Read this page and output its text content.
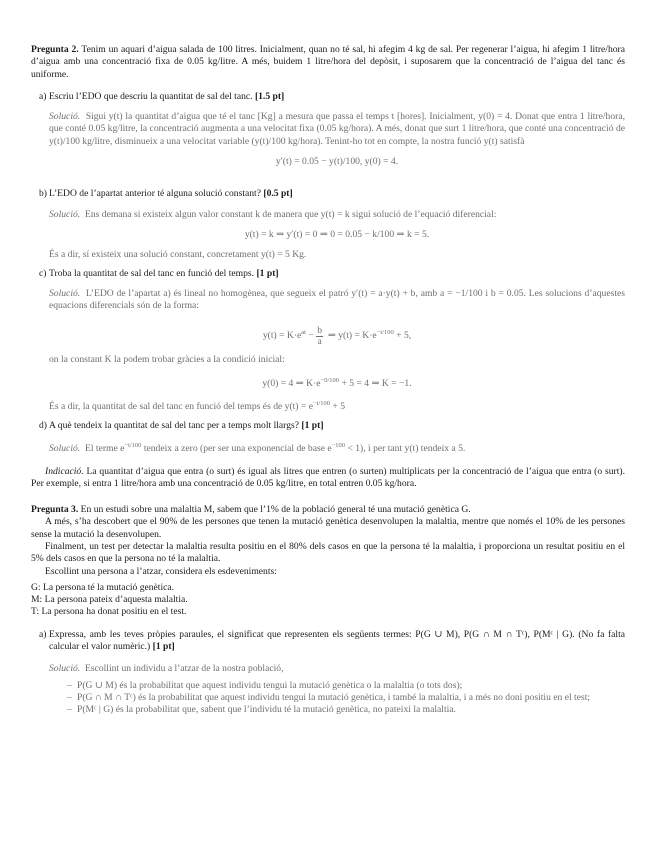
Pregunta 2. Tenim un aquari d’aigua salada de 100 litres. Inicialment, quan no té sal, hi afegim 4 kg de sal. Per regenerar l’aigua, hi afegim 1 litre/hora d’aigua amb una concentració fixa de 0.05 kg/litre. A més, buidem 1 litre/hora del depòsit, i suposarem que la concentració de l’aigua del tanc és uniforme.

a) Escriu l’EDO que descriu la quantitat de sal del tanc. [1.5 pt]

Solució. Sigui y(t) la quantitat d’aigua que té el tanc [Kg] a mesura que passa el temps t [hores]. Inicialment, y(0) = 4. Donat que entra 1 litre/hora, que conté 0.05 kg/litre, la concentració augmenta a una velocitat fixa (0.05 kg/hora). A més, donat que surt 1 litre/hora, que conté una concentració de y(t)/100 kg/litre, disminueix a una velocitat variable (y(t)/100 kg/hora). Tenint-ho tot en compte, la nostra funció y(t) satisfà

y′(t) = 0.05 − y(t)/100, y(0) = 4.

b) L’EDO de l’apartat anterior té alguna solució constant? [0.5 pt]

Solució. Ens demana si existeix algun valor constant k de manera que y(t) = k sigui solució de l’equació diferencial:

y(t) = k ⇒ y′(t) = 0 ⇒ 0 = 0.05 − k/100 ⇒ k = 5.

És a dir, sí existeix una solució constant, concretament y(t) = 5 Kg.

c) Troba la quantitat de sal del tanc en funció del temps. [1 pt]

Solució. L’EDO de l’apartat a) és lineal no homogènea, que segueix el patró y′(t) = a·y(t) + b, amb a = −1/100 i b = 0.05. Les solucions d’aquestes equacions diferencials són de la forma:

$y(t) = K\cdot e^{at} - \frac{b}{a}$ ⇒ $y(t) = K\cdot e^{-t/100} + 5$,

on la constant K la podem trobar gràcies a la condició inicial:

y(0) = 4 ⇒ $K\cdot e^{-0/100} + 5 = 4$ ⇒ K = −1.

És a dir, la quantitat de sal del tanc en funció del temps és de $y(t) = e^{-t/100} + 5$

d) A què tendeix la quantitat de sal del tanc per a temps molt llargs? [1 pt]

Solució. El terme $e^{-t/100}$ tendeix a zero (per ser una exponencial de base $e^{-100} < 1$), i per tant y(t) tendeix a 5.

Indicació. La quantitat d’aigua que entra (o surt) és igual als litres que entren (o surten) multiplicats per la concentració de l’aigua que entra (o surt). Per exemple, si entra 1 litre/hora amb una concentració de 0.05 kg/litre, en total entren 0.05 kg/hora.

Pregunta 3. En un estudi sobre una malaltia M, sabem que l’1% de la població general té una mutació genètica G.

A més, s’ha descobert que el 90% de les persones que tenen la mutació genètica desenvolupen la malaltia, mentre que només el 10% de les persones sense la mutació la desenvolupen.

Finalment, un test per detectar la malaltia resulta positiu en el 80% dels casos en que la persona té la malaltia, i proporciona un resultat positiu en el 5% dels casos en que la persona no té la malaltia.

Escollint una persona a l’atzar, considera els esdeveniments:

G: La persona té la mutació genètica.
M: La persona pateix d’aquesta malaltia.
T: La persona ha donat positiu en el test.
a) Expressa, amb les teves pròpies paraules, el significat que representen els següents termes: P(G ∪ M), P(G ∩ M ∩ Tᶜ), P(Mᶜ | G). (No fa falta calcular el valor numèric.) [1 pt]

Solució. Escollint un individu a l’atzar de la nostra població,

– P(G ∪ M) és la probabilitat que aquest individu tengui la mutació genètica o la malaltia (o tots dos);
– P(G ∩ M ∩ Tᶜ) és la probabilitat que aquest individu tengui la mutació genètica, i també la malaltia, i a més no doni positiu en el test;
– P(Mᶜ | G) és la probabilitat que, sabent que l’individu té la mutació genètica, no pateixi la malaltia.
